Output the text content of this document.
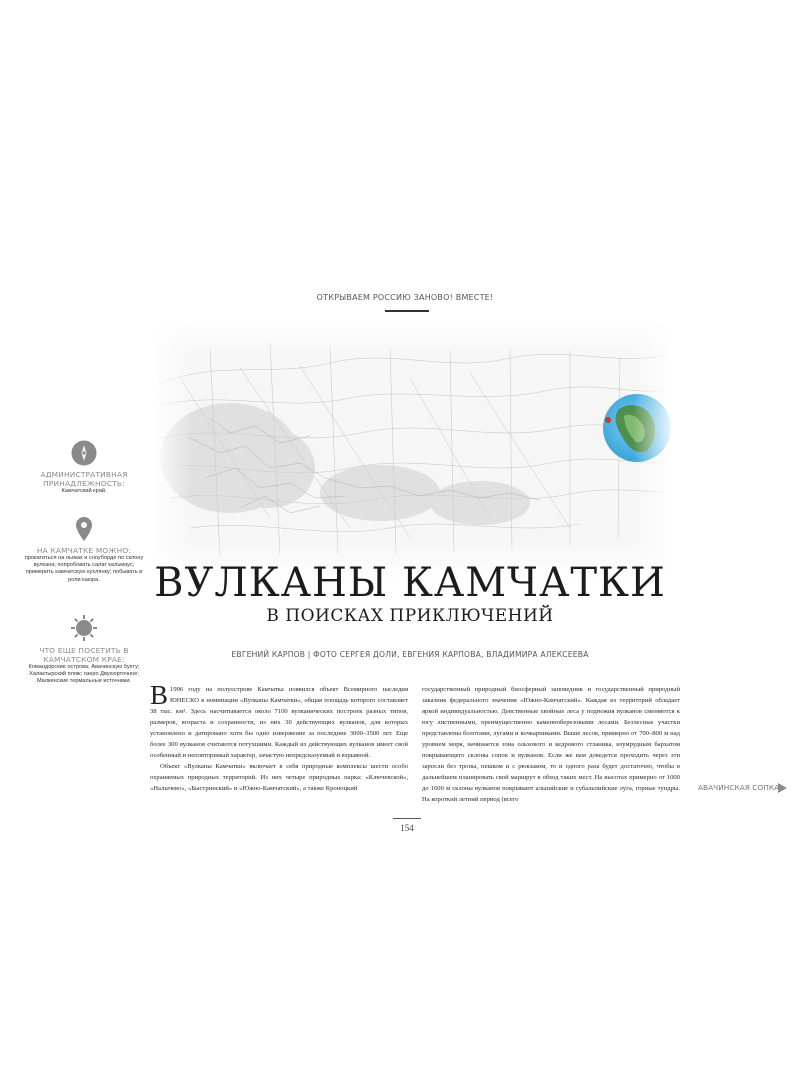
ОТКРЫВАЕМ РОССИЮ ЗАНОВО! ВМЕСТЕ!
АДМИНИСТРАТИВНАЯ ПРИНАДЛЕЖНОСТЬ:
Камчатский край.
НА КАМЧАТКЕ МОЖНО:
прокатиться на лыжах и сноуборде по склону вулкана; попробовать салат кальмаус; примерить камчатскую кухлянку; побывать в роли каюра.
ЧТО ЕЩЕ ПОСЕТИТЬ В КАМЧАТСКОМ КРАЕ:
Командорские острова; Авачинскую бухту; Халактырский пляж; озеро Двухюрточное; Малкинские термальные источники.
ВУЛКАНЫ КАМЧАТКИ
В ПОИСКАХ ПРИКЛЮЧЕНИЙ
ЕВГЕНИЙ КАРПОВ | ФОТО СЕРГЕЯ ДОЛИ, ЕВГЕНИЯ КАРПОВА, ВЛАДИМИРА АЛЕКСЕЕВА

В 1996 году на полуострове Камчатка появился объект Всемирного наследия ЮНЕСКО в номинации «Вулканы Камчатки», общая площадь которого составляет 38 тыс. км². Здесь насчитывается около 7100 вулканических построек разных типов, размеров, возраста и сохранности, из них 30 действующих вулканов, для которых установлено и датировано хотя бы одно извержение за последние 3000–3500 лет. Еще более 300 вулканов считаются потухшими. Каждый из действующих вулканов имеет свой особенный и неповторимый характер, зачастую непредсказуемый и взрывной.

Объект «Вулканы Камчатки» включает в себя природные комплексы шести особо охраняемых природных территорий. Из них четыре природных парка: «Ключевской», «Налычево», «Быстринский» и «Южно-Камчатский», а также Кроноцкий

государственный природный биосферный заповедник и государственный природный заказник федерального значения «Южно-Камчатский». Каждая из территорий обладает яркой индивидуальностью. Девственные хвойные леса у подножия вулканов сменяются к югу лиственными, преимущественно каменноберезовыми лесами. Безлесные участки представлены болотами, лугами и кочкарниками. Выше лесов, примерно от 700–800 м над уровнем моря, начинается зона ольхового и кедрового стланика, изумрудным бархатом покрывающего склоны сопок и вулканов. Если же вам доведется проходить через эти заросли без тропы, пешком и с рюкзаком, то и одного раза будет достаточно, чтобы в дальнейшем планировать свой маршрут в обход таких мест. На высотах примерно от 1000 до 1600 м склоны вулканов покрывают альпийские и субальпийские луга, горные тундры. На короткий летний период (всего

АВАЧИНСКАЯ СОПКА
154
